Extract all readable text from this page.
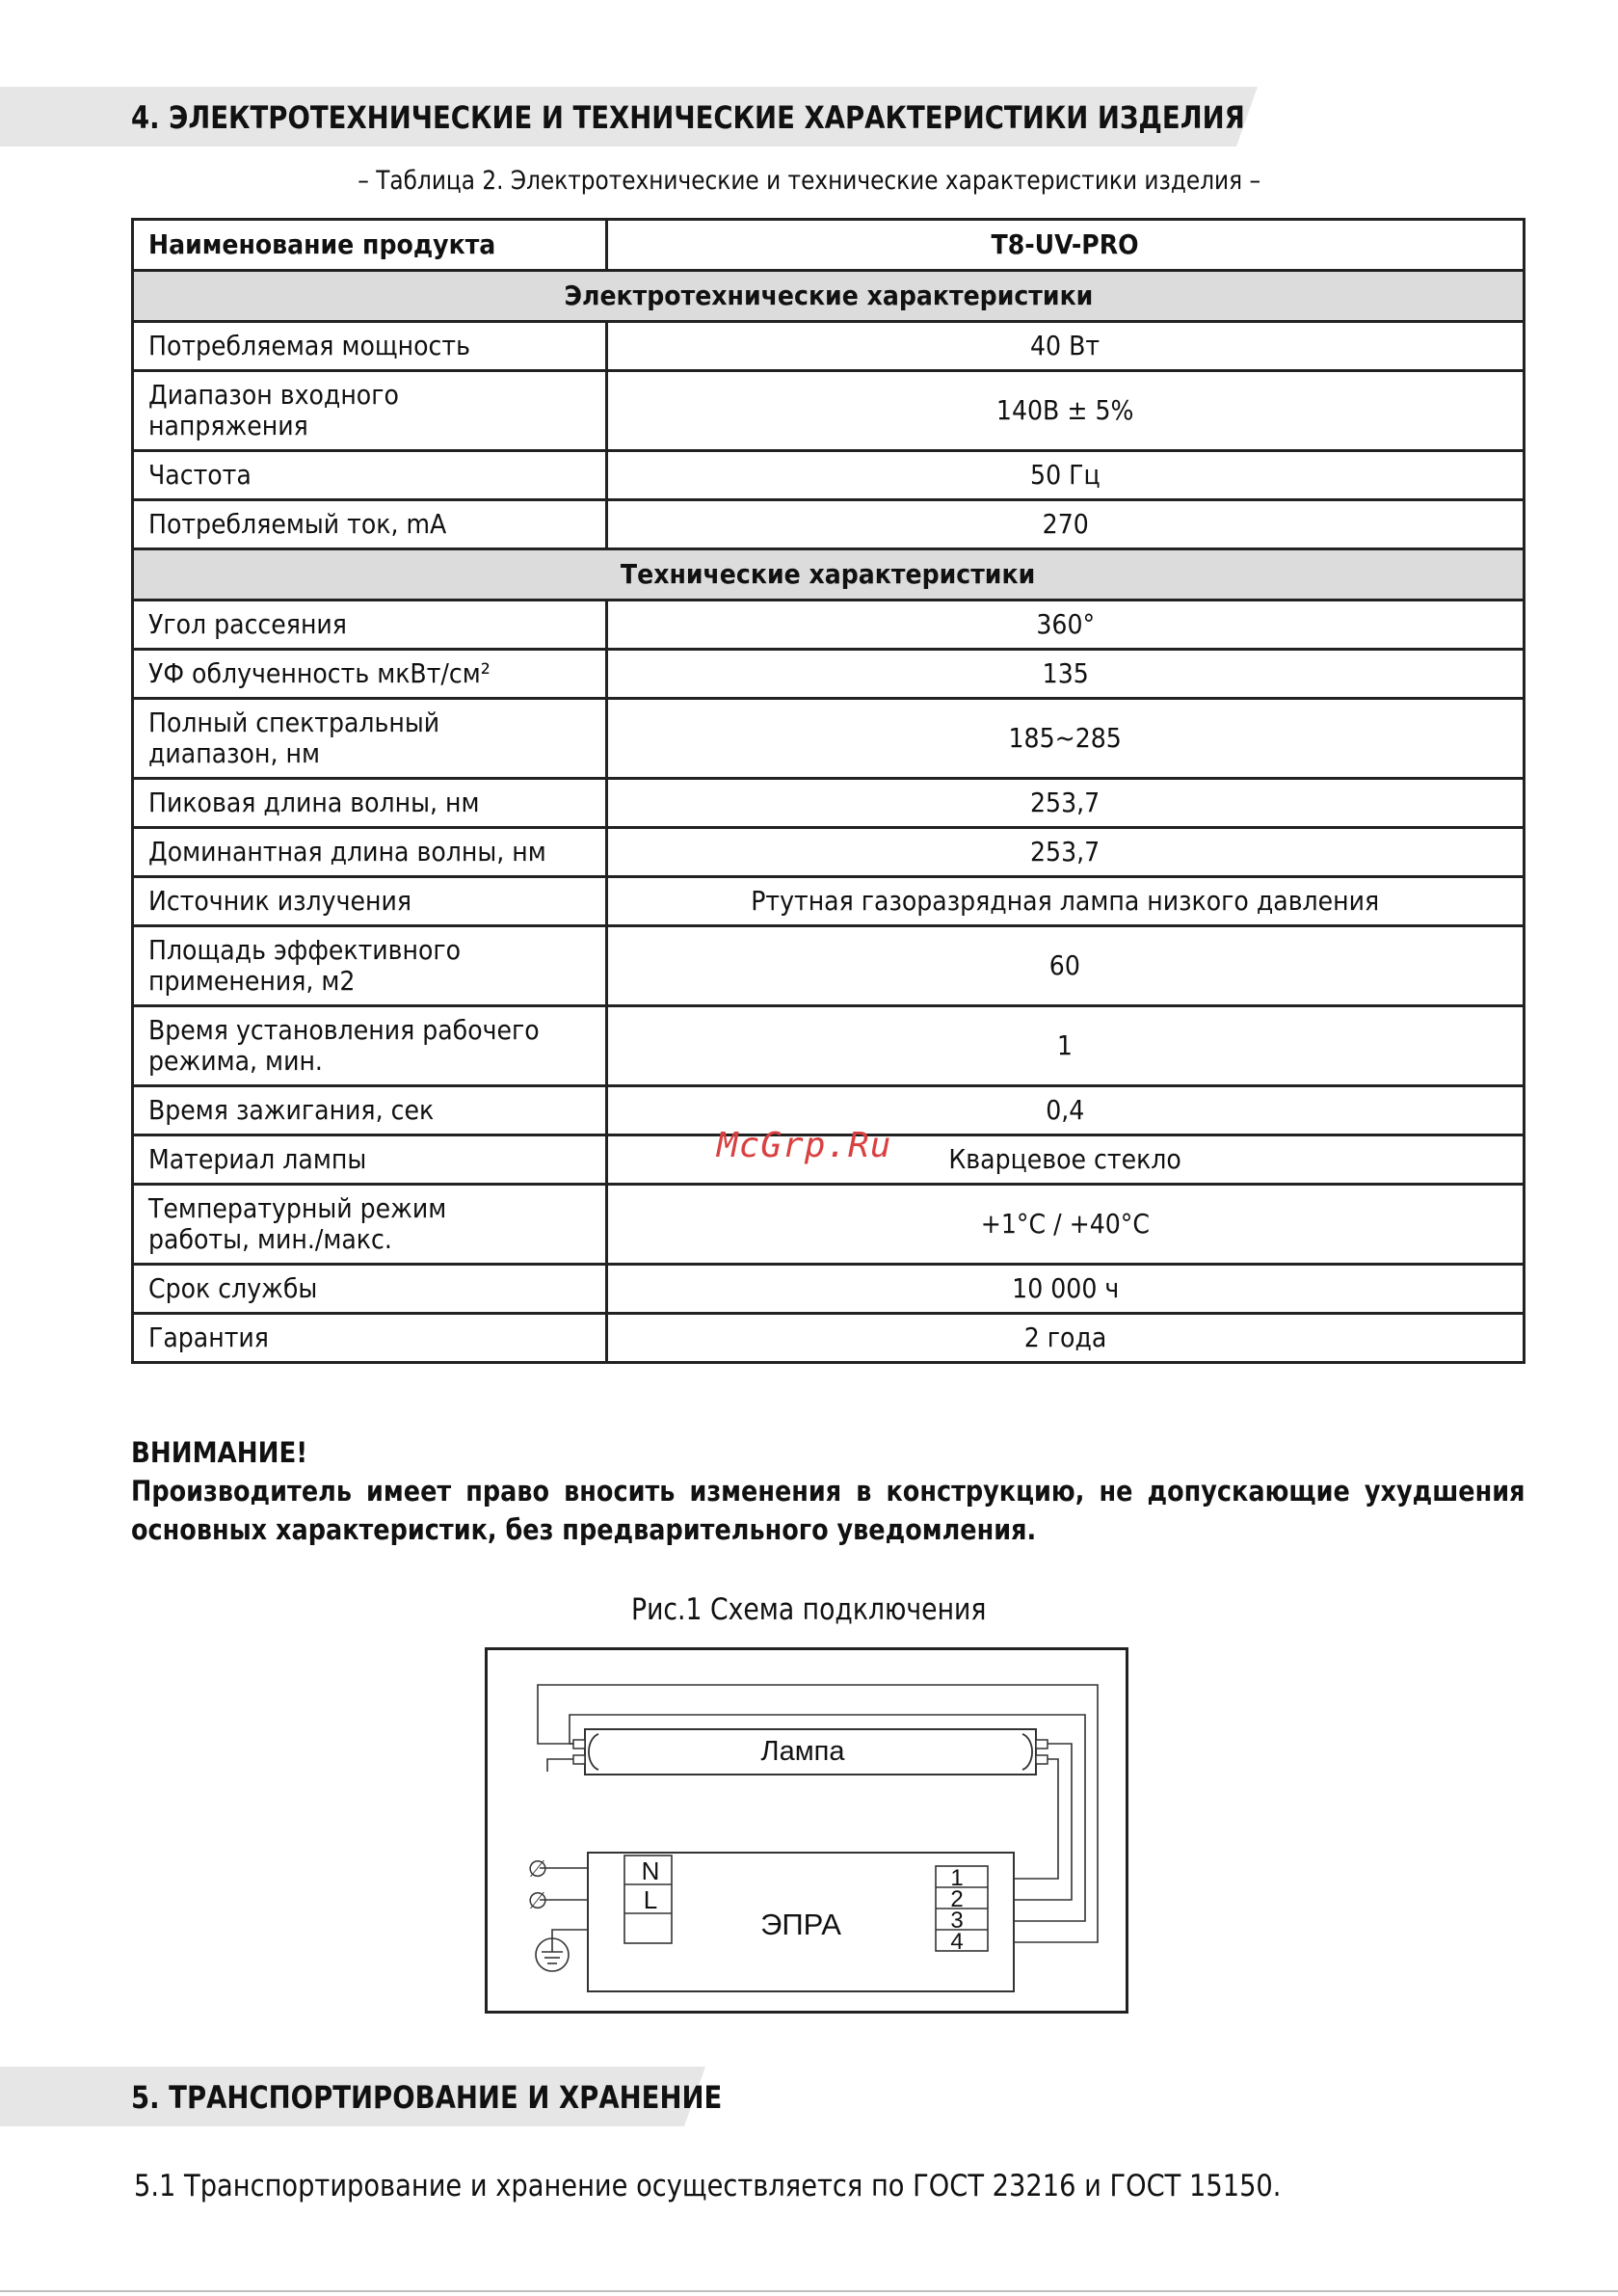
4. ЭЛЕКТРОТЕХНИЧЕСКИЕ И ТЕХНИЧЕСКИЕ ХАРАКТЕРИСТИКИ ИЗДЕЛИЯ
– Таблица 2. Электротехнические и технические характеристики изделия –
Наименование продукта	T8-UV-PRO
Электротехнические характеристики	
Потребляемая мощность	40 Вт
Диапазон входного
напряжения	140В ± 5%
Частота	50 Гц
Потребляемый ток, mA	270
Технические характеристики	
Угол рассеяния	360°
УФ облученность мкВт/см²	135
Полный спектральный
диапазон, нм	185~285
Пиковая длина волны, нм	253,7
Доминантная длина волны, нм	253,7
Источник излучения	Ртутная газоразрядная лампа низкого давления
Площадь эффективного
применения, м2	60
Время установления рабочего
режима, мин.	1
Время зажигания, сек	0,4
Материал лампы	Кварцевое стекло
Температурный режим
работы, мин./макс.	+1°С / +40°С
Срок службы	10 000 ч
Гарантия	2 года
McGrp.Ru
ВНИМАНИЕ!
Производитель имеет право вносить изменения в конструкцию, не допускающие ухудшения основных характеристик, без предварительного уведомления.
Рис.1 Схема подключения
Лампа
ЭПРА
N
L
1
2
3
4
∅
∅
5. ТРАНСПОРТИРОВАНИЕ И ХРАНЕНИЕ
5.1 Транспортирование и хранение осуществляется по ГОСТ 23216 и ГОСТ 15150.
